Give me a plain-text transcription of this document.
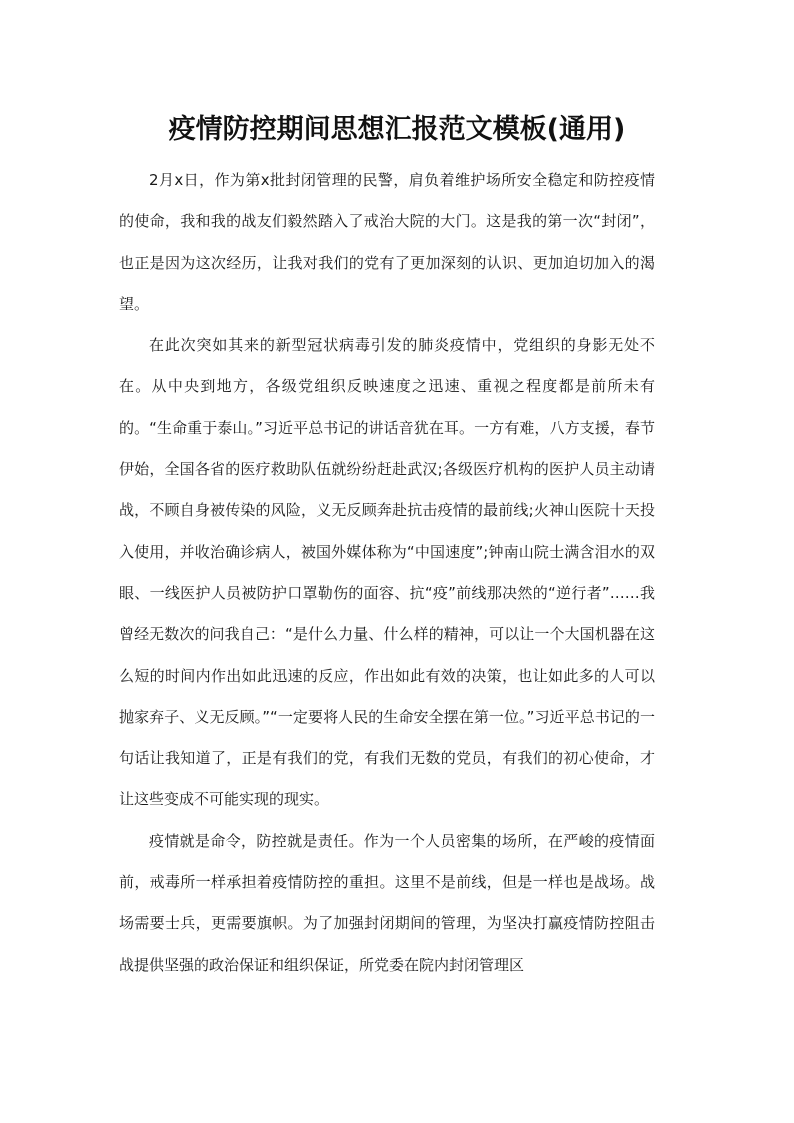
疫情防控期间思想汇报范文模板(通用)

2月x日，作为第x批封闭管理的民警，肩负着维护场所安全稳定和防控疫情的使命，我和我的战友们毅然踏入了戒治大院的大门。这是我的第一次“封闭”，也正是因为这次经历，让我对我们的党有了更加深刻的认识、更加迫切加入的渴望。

在此次突如其来的新型冠状病毒引发的肺炎疫情中，党组织的身影无处不在。从中央到地方，各级党组织反映速度之迅速、重视之程度都是前所未有的。“生命重于泰山。”习近平总书记的讲话音犹在耳。一方有难，八方支援，春节伊始，全国各省的医疗救助队伍就纷纷赶赴武汉;各级医疗机构的医护人员主动请战，不顾自身被传染的风险，义无反顾奔赴抗击疫情的最前线;火神山医院十天投入使用，并收治确诊病人，被国外媒体称为“中国速度”;钟南山院士满含泪水的双眼、一线医护人员被防护口罩勒伤的面容、抗“疫”前线那决然的“逆行者”……我曾经无数次的问我自己：“是什么力量、什么样的精神，可以让一个大国机器在这么短的时间内作出如此迅速的反应，作出如此有效的决策，也让如此多的人可以抛家弃子、义无反顾。”“一定要将人民的生命安全摆在第一位。”习近平总书记的一句话让我知道了，正是有我们的党，有我们无数的党员，有我们的初心使命，才让这些变成不可能实现的现实。

疫情就是命令，防控就是责任。作为一个人员密集的场所，在严峻的疫情面前，戒毒所一样承担着疫情防控的重担。这里不是前线，但是一样也是战场。战场需要士兵，更需要旗帜。为了加强封闭期间的管理，为坚决打赢疫情防控阻击战提供坚强的政治保证和组织保证，所党委在院内封闭管理区
